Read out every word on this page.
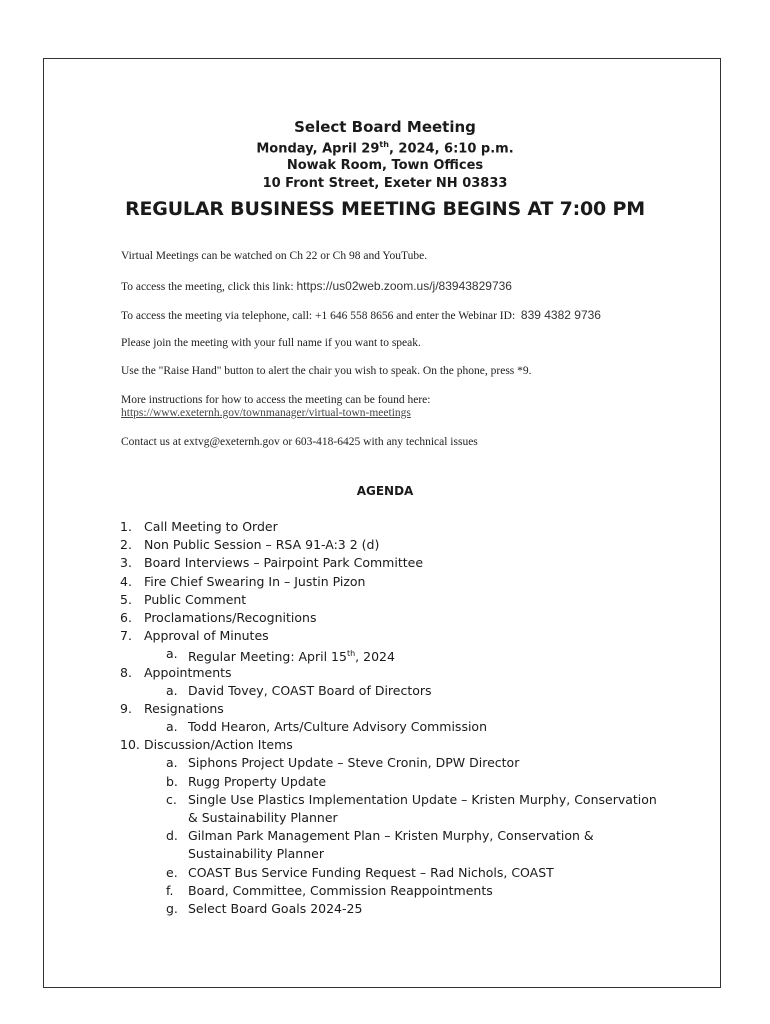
Select Board Meeting
Monday, April 29th, 2024, 6:10 p.m.
Nowak Room, Town Offices
10 Front Street, Exeter NH 03833
REGULAR BUSINESS MEETING BEGINS AT 7:00 PM
Virtual Meetings can be watched on Ch 22 or Ch 98 and YouTube.
To access the meeting, click this link: https://us02web.zoom.us/j/83943829736
To access the meeting via telephone, call: +1 646 558 8656 and enter the Webinar ID: 839 4382 9736
Please join the meeting with your full name if you want to speak.
Use the "Raise Hand" button to alert the chair you wish to speak. On the phone, press *9.
More instructions for how to access the meeting can be found here:
https://www.exeternh.gov/townmanager/virtual-town-meetings
Contact us at extvg@exeternh.gov or 603-418-6425 with any technical issues
AGENDA
1. Call Meeting to Order
2. Non Public Session – RSA 91-A:3 2 (d)
3. Board Interviews – Pairpoint Park Committee
4. Fire Chief Swearing In – Justin Pizon
5. Public Comment
6. Proclamations/Recognitions
7. Approval of Minutes
a. Regular Meeting: April 15th, 2024
8. Appointments
a. David Tovey, COAST Board of Directors
9. Resignations
a. Todd Hearon, Arts/Culture Advisory Commission
10. Discussion/Action Items
a. Siphons Project Update – Steve Cronin, DPW Director
b. Rugg Property Update
c. Single Use Plastics Implementation Update – Kristen Murphy, Conservation & Sustainability Planner
d. Gilman Park Management Plan – Kristen Murphy, Conservation & Sustainability Planner
e. COAST Bus Service Funding Request – Rad Nichols, COAST
f. Board, Committee, Commission Reappointments
g. Select Board Goals 2024-25
